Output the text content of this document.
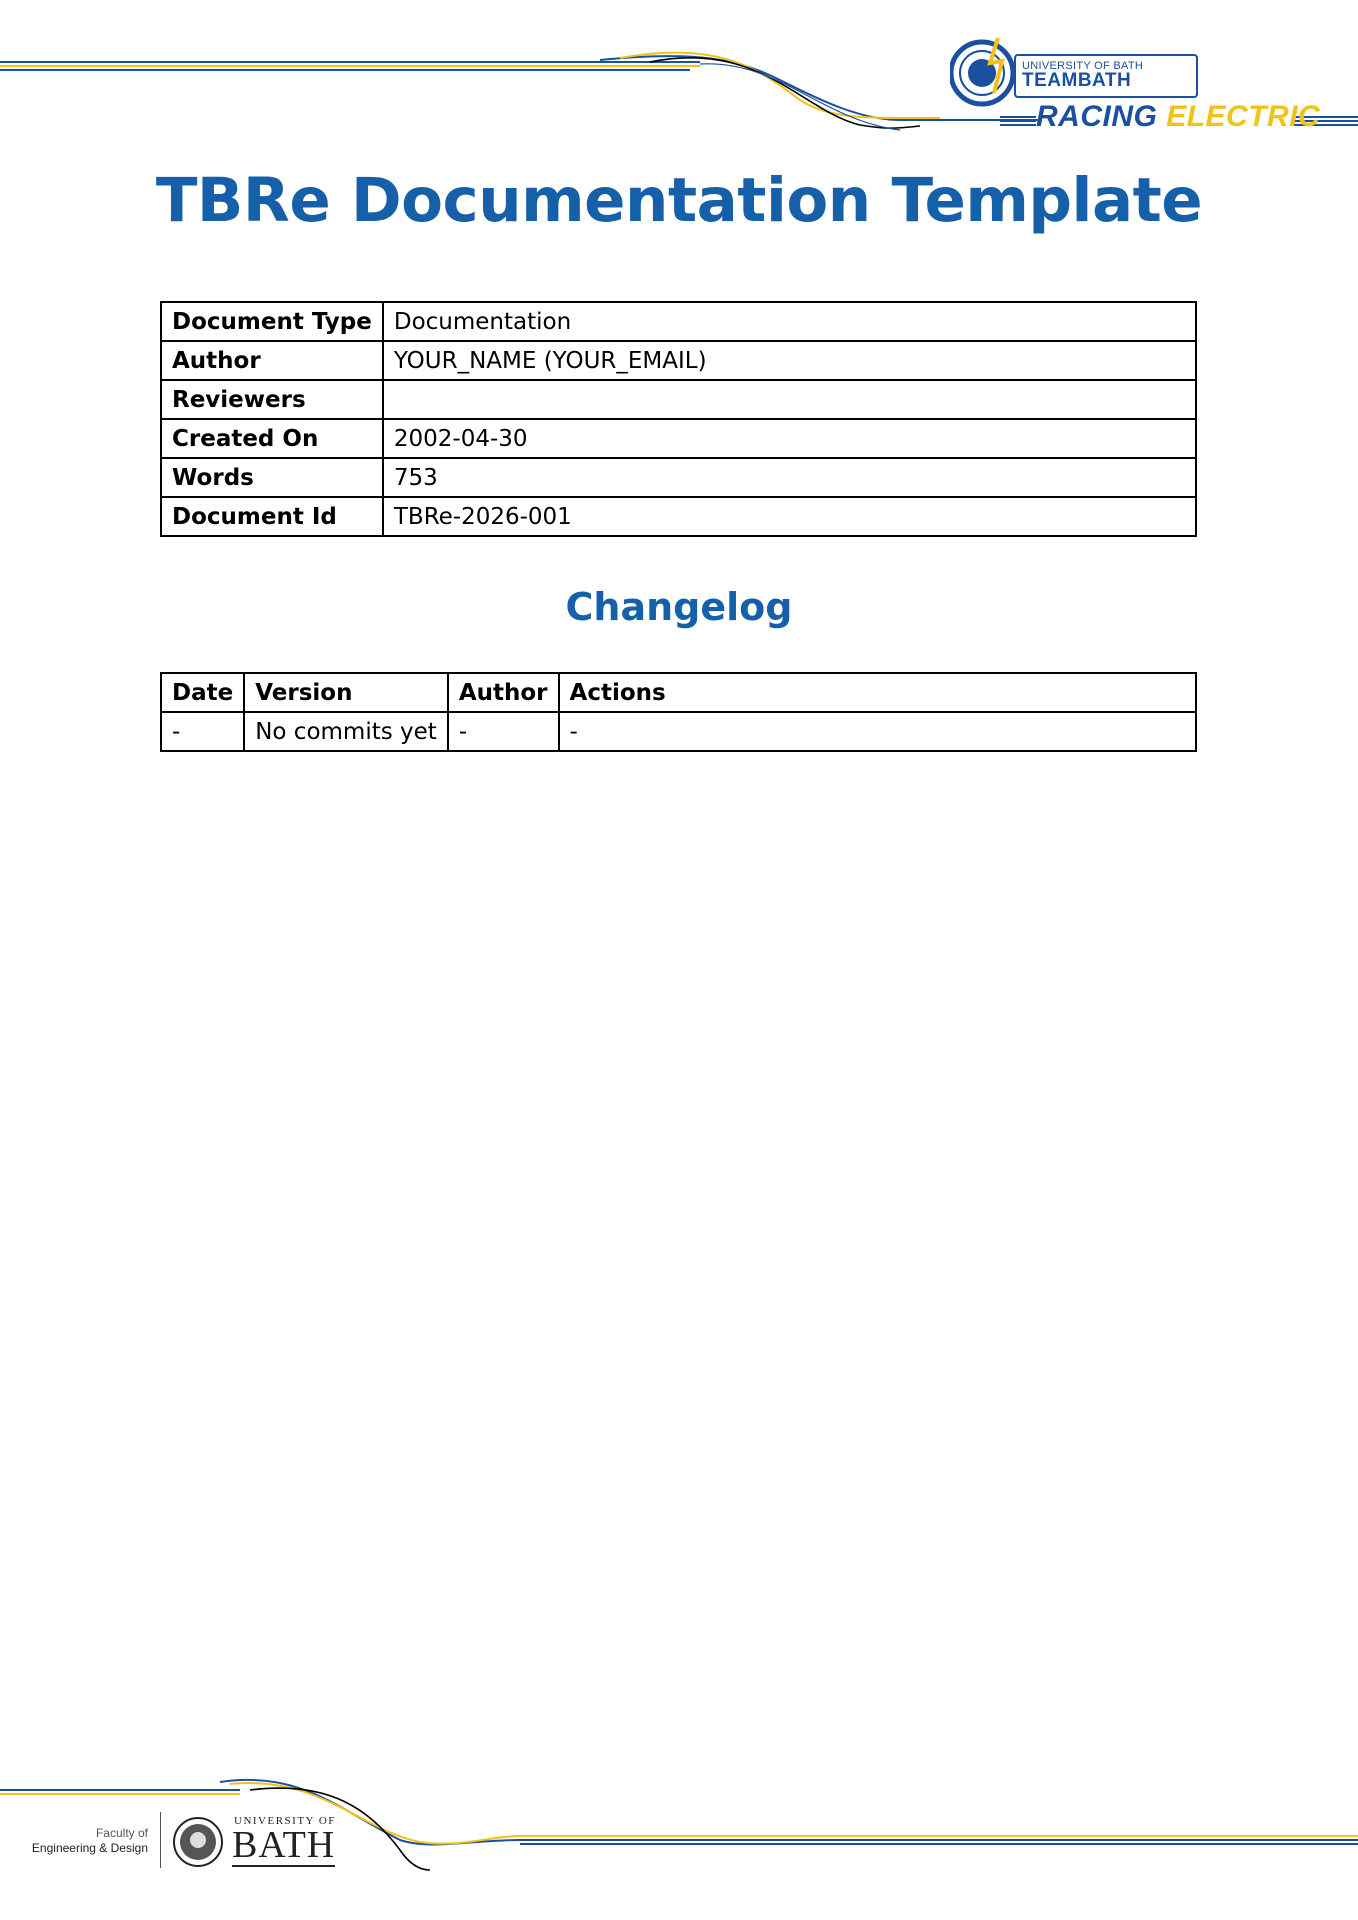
UNIVERSITY OF BATH
TEAMBATH
RACING ELECTRIC
TBRe Documentation Template
Document Type	Documentation
Author	YOUR_NAME (YOUR_EMAIL)
Reviewers	
Created On	2002-04-30
Words	753
Document Id	TBRe-2026-001
Changelog
Date	Version	Author	Actions
-	No commits yet	-	-
Faculty of
Engineering & Design
UNIVERSITY OF
BATH
